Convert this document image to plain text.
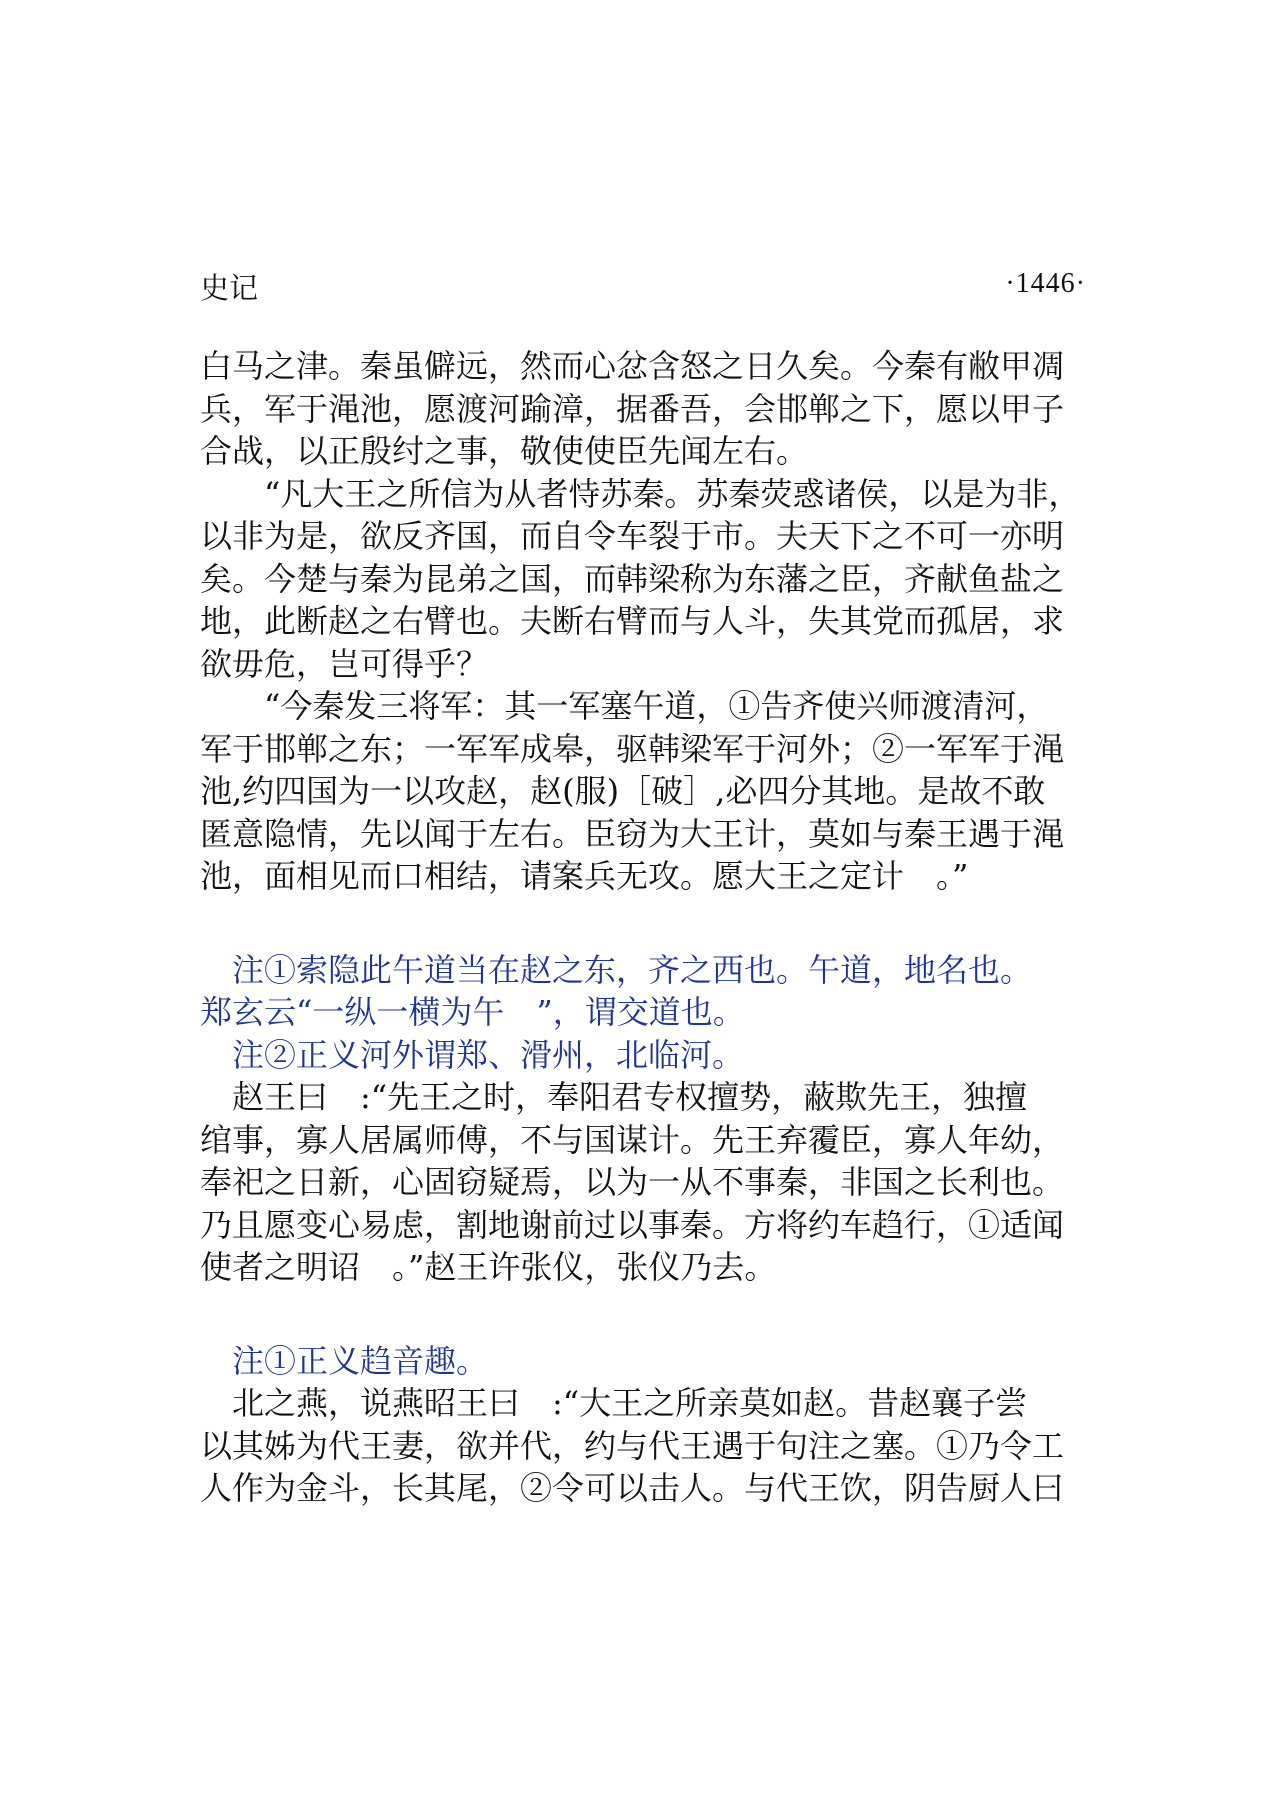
史记	·1446·
白马之津。秦虽僻远，然而心忿含怒之日久矣。今秦有敝甲凋
兵，军于渑池，愿渡河踰漳，据番吾，会邯郸之下，愿以甲子
合战，以正殷纣之事，敬使使臣先闻左右。
　　“凡大王之所信为从者恃苏秦。苏秦荧惑诸侯，以是为非，
以非为是，欲反齐国，而自令车裂于市。夫天下之不可一亦明
矣。今楚与秦为昆弟之国，而韩梁称为东藩之臣，齐献鱼盐之
地，此断赵之右臂也。夫断右臂而与人斗，失其党而孤居，求
欲毋危，岂可得乎？
　　“今秦发三将军：其一军塞午道，①告齐使兴师渡清河，
军于邯郸之东；一军军成皋，驱韩梁军于河外；②一军军于渑
池,约四国为一以攻赵，赵(服)［破］,必四分其地。是故不敢
匿意隐情，先以闻于左右。臣窃为大王计，莫如与秦王遇于渑
池，面相见而口相结，请案兵无攻。愿大王之定计　。”
　注①索隐此午道当在赵之东，齐之西也。午道，地名也。
郑玄云“一纵一横为午　”，谓交道也。
　注②正义河外谓郑、滑州，北临河。
　赵王曰　:“先王之时，奉阳君专权擅势，蔽欺先王，独擅
绾事，寡人居属师傅，不与国谋计。先王弃䨱臣，寡人年幼，
奉祀之日新，心固窃疑焉，以为一从不事秦，非国之长利也。
乃且愿变心易虑，割地谢前过以事秦。方将约车趋行，①适闻
使者之明诏　。”赵王许张仪，张仪乃去。
　注①正义趋音趣。
　北之燕，说燕昭王曰　:“大王之所亲莫如赵。昔赵襄子尝
以其姊为代王妻，欲并代，约与代王遇于句注之塞。①乃令工
人作为金斗，长其尾，②令可以击人。与代王饮，阴告厨人曰
